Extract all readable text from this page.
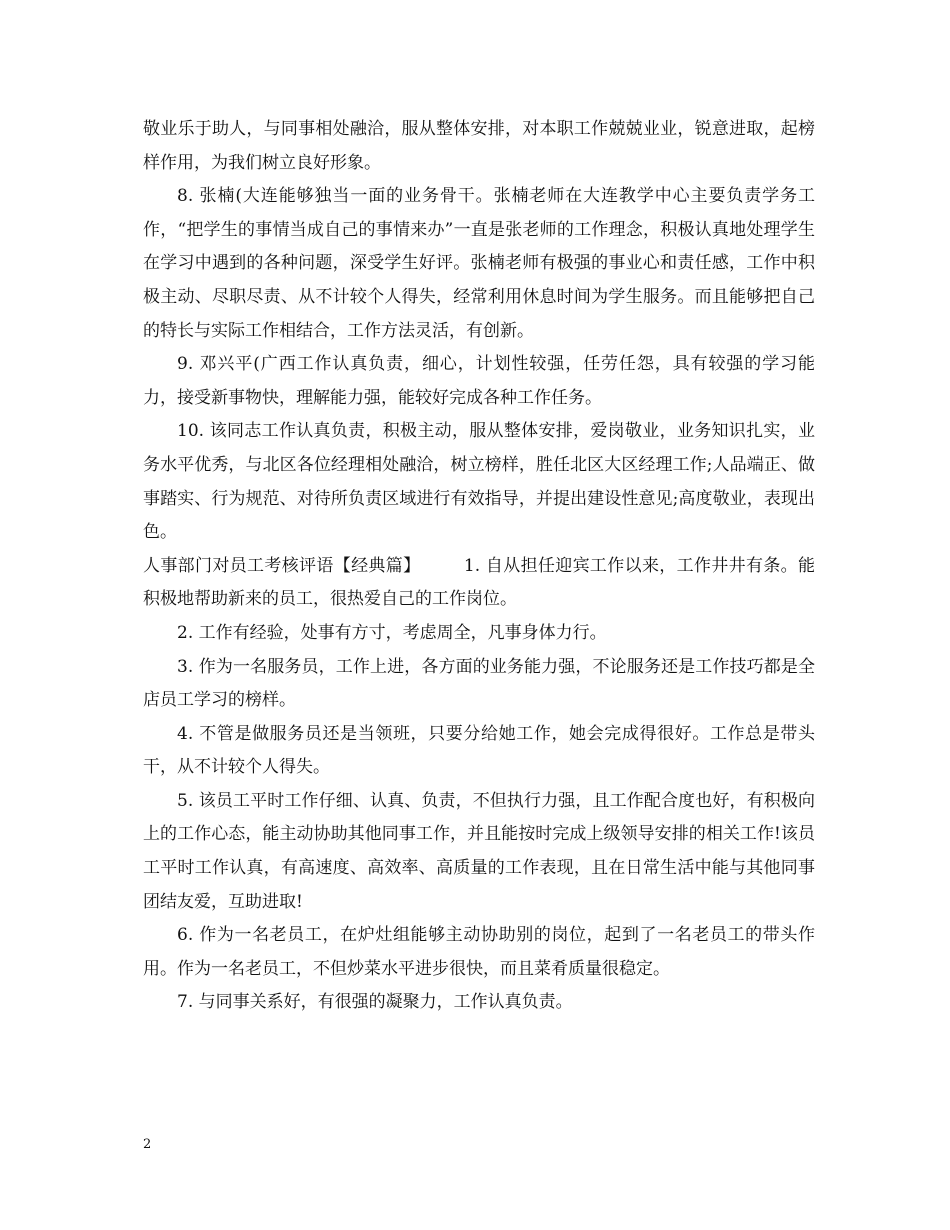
敬业乐于助人，与同事相处融洽，服从整体安排，对本职工作兢兢业业，锐意进取，起榜样作用，为我们树立良好形象。

8. 张楠(大连能够独当一面的业务骨干。张楠老师在大连教学中心主要负责学务工作，“把学生的事情当成自己的事情来办”一直是张老师的工作理念，积极认真地处理学生在学习中遇到的各种问题，深受学生好评。张楠老师有极强的事业心和责任感，工作中积极主动、尽职尽责、从不计较个人得失，经常利用休息时间为学生服务。而且能够把自己的特长与实际工作相结合，工作方法灵活，有创新。

9. 邓兴平(广西工作认真负责，细心，计划性较强，任劳任怨，具有较强的学习能力，接受新事物快，理解能力强，能较好完成各种工作任务。

10. 该同志工作认真负责，积极主动，服从整体安排，爱岗敬业，业务知识扎实，业务水平优秀，与北区各位经理相处融洽，树立榜样，胜任北区大区经理工作;人品端正、做事踏实、行为规范、对待所负责区域进行有效指导，并提出建设性意见;高度敬业，表现出色。

人事部门对员工考核评语【经典篇】　　　1. 自从担任迎宾工作以来，工作井井有条。能积极地帮助新来的员工，很热爱自己的工作岗位。

2. 工作有经验，处事有方寸，考虑周全，凡事身体力行。

3. 作为一名服务员，工作上进，各方面的业务能力强，不论服务还是工作技巧都是全店员工学习的榜样。

4. 不管是做服务员还是当领班，只要分给她工作，她会完成得很好。工作总是带头干，从不计较个人得失。

5. 该员工平时工作仔细、认真、负责，不但执行力强，且工作配合度也好，有积极向上的工作心态，能主动协助其他同事工作，并且能按时完成上级领导安排的相关工作!该员工平时工作认真，有高速度、高效率、高质量的工作表现，且在日常生活中能与其他同事团结友爱，互助进取!

6. 作为一名老员工，在炉灶组能够主动协助别的岗位，起到了一名老员工的带头作用。作为一名老员工，不但炒菜水平进步很快，而且菜肴质量很稳定。

7. 与同事关系好，有很强的凝聚力，工作认真负责。

2
